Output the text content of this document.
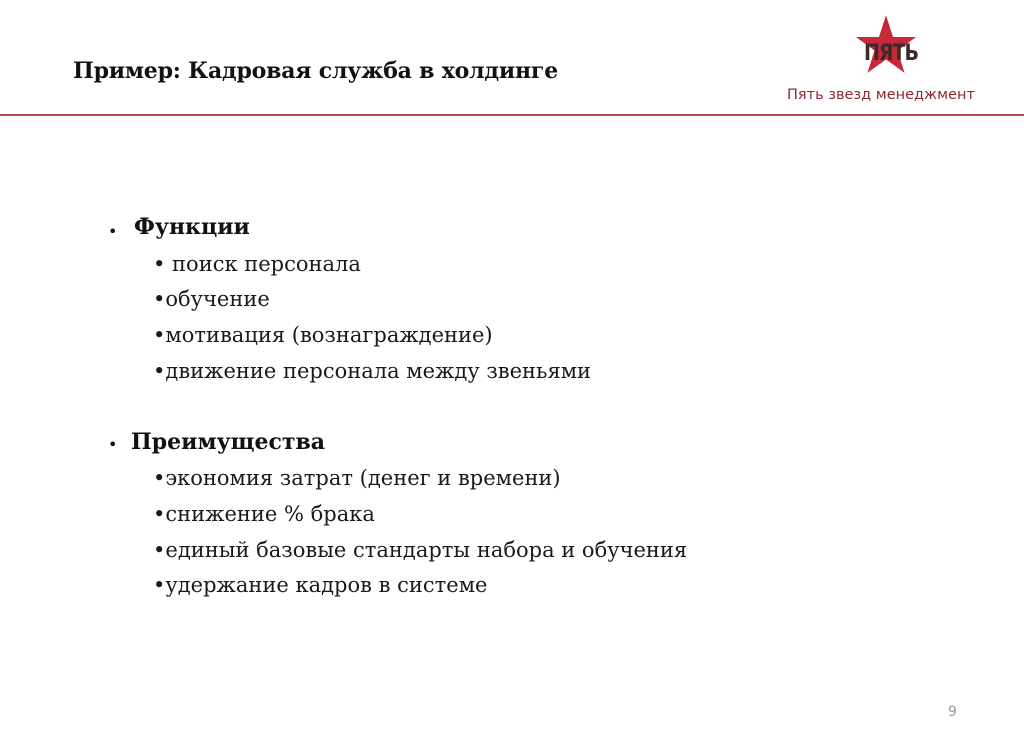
Пример: Кадровая служба в холдинге
ПЯТЬ
Пять звезд менеджмент
• Функции
• поиск персонала
•обучение
•мотивация (вознаграждение)
•движение персонала между звеньями
• Преимущества
•экономия затрат (денег и времени)
•снижение % брака
•единый базовые стандарты набора и обучения
•удержание кадров в системе
9
